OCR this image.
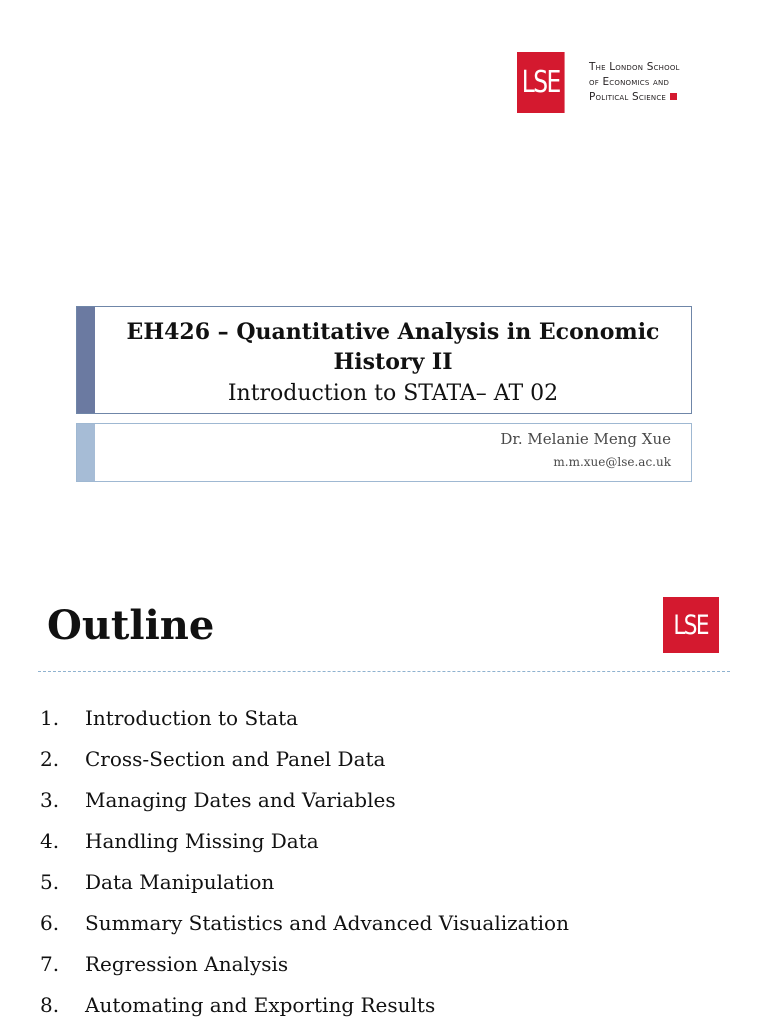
LSE	The London School
of Economics and
Political Science
EH426 – Quantitative Analysis in Economic
History II
Introduction to STATA– AT 02
Dr. Melanie Meng Xue
m.m.xue@lse.ac.uk
Outline	LSE
1. Introduction to Stata
2. Cross-Section and Panel Data
3. Managing Dates and Variables
4. Handling Missing Data
5. Data Manipulation
6. Summary Statistics and Advanced Visualization
7. Regression Analysis
8. Automating and Exporting Results
